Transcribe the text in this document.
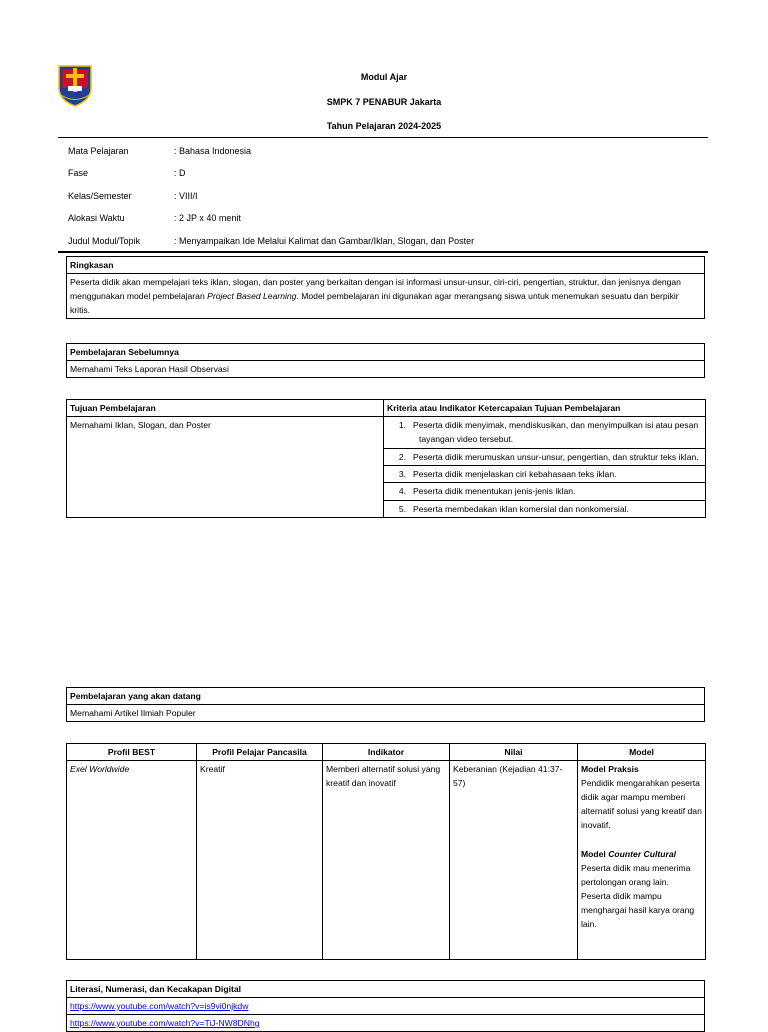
Modul Ajar
SMPK 7 PENABUR Jakarta
Tahun Pelajaran 2024-2025
Mata Pelajaran	: Bahasa Indonesia
Fase	: D
Kelas/Semester	: VIII/I
Alokasi Waktu	: 2 JP x 40 menit
Judul Modul/Topik	: Menyampaikan Ide Melalui Kalimat dan Gambar/Iklan, Slogan, dan Poster
Ringkasan
Peserta didik akan mempelajari teks iklan, slogan, dan poster yang berkaitan dengan isi informasi unsur-unsur, ciri-ciri, pengertian, struktur, dan jenisnya dengan menggunakan model pembelajaran Project Based Learning. Model pembelajaran ini digunakan agar merangsang siswa untuk menemukan sesuatu dan berpikir kritis.
Pembelajaran Sebelumnya
Memahami Teks Laporan Hasil Observasi
Tujuan Pembelajaran	Kriteria atau Indikator Ketercapaian Tujuan Pembelajaran
Memahami Iklan, Slogan, dan Poster	1. Peserta didik menyimak, mendiskusikan, dan menyimpulkan isi atau pesan tayangan video tersebut.
	2. Peserta didik merumuskan unsur-unsur, pengertian, dan struktur teks iklan.
	3. Peserta didik menjelaskan ciri kebahasaan teks iklan.
	4. Peserta didik menentukan jenis-jenis iklan.
	5. Peserta membedakan iklan komersial dan nonkomersial.
Pembelajaran yang akan datang
Memahami Artikel Ilmiah Populer
Profil BEST	Profil Pelajar Pancasila	Indikator	Nilai	Model
Exel Worldwide	Kreatif	Memberi alternatif solusi yang kreatif dan inovatif	Keberanian (Kejadian 41:37-57)	Model Praksis
Pendidik mengarahkan peserta didik agar mampu memberi alternatif solusi yang kreatif dan inovatif.
Model Counter Cultural
Peserta didik mau menerima pertolongan orang lain.
Peserta didik mampu menghargai hasil karya orang lain.
Literasi, Numerasi, dan Kecakapan Digital
https://www.youtube.com/watch?v=is9vi0njkdw
https://www.youtube.com/watch?v=TiJ-NW8DNhg
